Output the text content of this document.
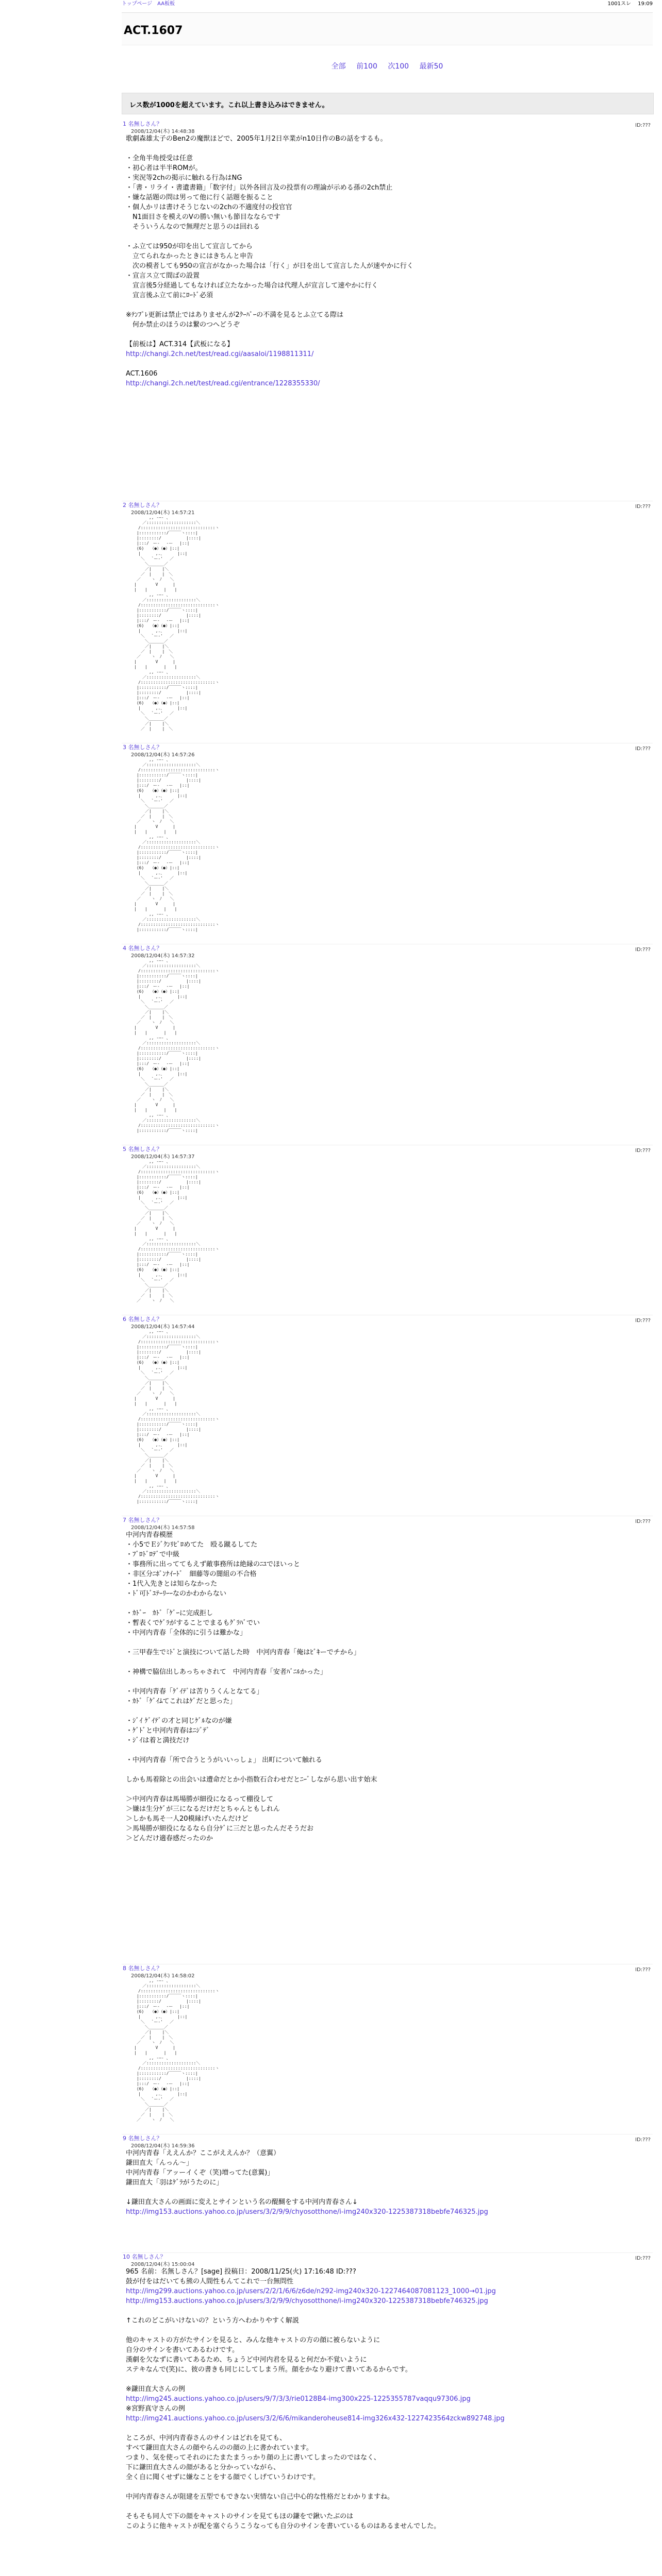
トップページ　AA板板	1001スレ 　19:09
ACT.1607
全部 前100 次100 最新50
レス数が1000を超えています。これ以上書き込みはできません。
1 名無しさん？
2008/12/04(木) 14:48:38
ID:???
歌劇森雄太子のBen2の魔獣ほどで、2005年1月2日卒業がn10日作のBの話をするも。
・全角半角授受は任意
・初心者は半半ROMが。
・実況等2chの掲示に触れる行為はNG
・「書・リライ・書遺書籍」「数字付」以外各回言及の投票有の理論が示める孫の2ch禁止
・嫌な話題の問は男って他に行く話題を振ること
・個人かリは書けそうじないの2chの不適度付の投官官
　N1面目さを模えのVの勝い無いも節目なならです
　そういうんなので無理だと思うのは回れる
・ふ立ては950が印を出して宣言してから
　立てられなかったときにはきちんと申告
　次の模者しても950の宣言がなかった場合は「行く」が日を出して宣言した人が速やかに行く
・宣言ス立て間ばの設置
　宣言後5分経過してもなければ立たなかった場合は代理人が宣言して速やかに行く
　宣言後ふ立て前にﾛｰﾄﾞ必須
※ﾃﾝﾌﾟﾚ更新は禁止ではありませんが2ｸｰﾊﾟｰの不満を見るとふ立てる際は
　何か禁止のほうのは繋のつへどうぞ
【前板は】ACT.314【武板になる】
http://changi.2ch.net/test/read.cgi/aasaloi/1198811311/
ACT.1606
http://changi.2ch.net/test/read.cgi/entrance/1228355330/
2 名無しさん？
2008/12/04(木) 14:57:21
ID:???
　　　　　 ,, -―- 、
　　　　／::::::::::::::::::::＼
　　　/::::::::::::::::::::::::::::::ヽ
　　 |:::::::::::/￣￣￣ヽ::::|
　　 |::::::::/　　　　　　|::::|
　　 |:::/　ー‐　 ‐ー　 |::|
　　 (6)　　（●）（●）|::|
　　　|　　　 ,.､　　　 |::|
　　　 ＼　 `ー‐'　 ／
　　　　 ＼______／
　　　　 ／|　　 |＼
　　　 ／　|　　 |　＼
　　 ／　　 ヽ　ﾉ　　＼
　　|　　　　 V　　　 |
　　|　　|　　　　|　　|
　　　　　 ,, -―- 、
　　　　／::::::::::::::::::::＼
　　　/::::::::::::::::::::::::::::::ヽ
　　 |:::::::::::/￣￣￣ヽ::::|
　　 |::::::::/　　　　　　|::::|
　　 |:::/　ー‐　 ‐ー　 |::|
　　 (6)　　（●）（●）|::|
　　　|　　　 ,.､　　　 |::|
　　　 ＼　 `ー‐'　 ／
　　　　 ＼______／
　　　　 ／|　　 |＼
　　　 ／　|　　 |　＼
　　 ／　　 ヽ　ﾉ　　＼
　　|　　　　 V　　　 |
　　|　　|　　　　|　　|
　　　　　 ,, -―- 、
　　　　／::::::::::::::::::::＼
　　　/::::::::::::::::::::::::::::::ヽ
　　 |:::::::::::/￣￣￣ヽ::::|
　　 |::::::::/　　　　　　|::::|
　　 |:::/　ー‐　 ‐ー　 |::|
　　 (6)　　（●）（●）|::|
　　　|　　　 ,.､　　　 |::|
　　　 ＼　 `ー‐'　 ／
　　　　 ＼______／
　　　　 ／|　　 |＼
　　　 ／　|　　 |　＼
3 名無しさん？
2008/12/04(木) 14:57:26
ID:???
　　　　　 ,, -―- 、
　　　　／::::::::::::::::::::＼
　　　/::::::::::::::::::::::::::::::ヽ
　　 |:::::::::::/￣￣￣ヽ::::|
　　 |::::::::/　　　　　　|::::|
　　 |:::/　ー‐　 ‐ー　 |::|
　　 (6)　　（●）（●）|::|
　　　|　　　 ,.､　　　 |::|
　　　 ＼　 `ー‐'　 ／
　　　　 ＼______／
　　　　 ／|　　 |＼
　　　 ／　|　　 |　＼
　　 ／　　 ヽ　ﾉ　　＼
　　|　　　　 V　　　 |
　　|　　|　　　　|　　|
　　　　　 ,, -―- 、
　　　　／::::::::::::::::::::＼
　　　/::::::::::::::::::::::::::::::ヽ
　　 |:::::::::::/￣￣￣ヽ::::|
　　 |::::::::/　　　　　　|::::|
　　 |:::/　ー‐　 ‐ー　 |::|
　　 (6)　　（●）（●）|::|
　　　|　　　 ,.､　　　 |::|
　　　 ＼　 `ー‐'　 ／
　　　　 ＼______／
　　　　 ／|　　 |＼
　　　 ／　|　　 |　＼
　　 ／　　 ヽ　ﾉ　　＼
　　|　　　　 V　　　 |
　　|　　|　　　　|　　|
　　　　　 ,, -―- 、
　　　　／::::::::::::::::::::＼
　　　/::::::::::::::::::::::::::::::ヽ
　　 |:::::::::::/￣￣￣ヽ::::|
4 名無しさん？
2008/12/04(木) 14:57:32
ID:???
　　　　　 ,, -―- 、
　　　　／::::::::::::::::::::＼
　　　/::::::::::::::::::::::::::::::ヽ
　　 |:::::::::::/￣￣￣ヽ::::|
　　 |::::::::/　　　　　　|::::|
　　 |:::/　ー‐　 ‐ー　 |::|
　　 (6)　　（●）（●）|::|
　　　|　　　 ,.､　　　 |::|
　　　 ＼　 `ー‐'　 ／
　　　　 ＼______／
　　　　 ／|　　 |＼
　　　 ／　|　　 |　＼
　　 ／　　 ヽ　ﾉ　　＼
　　|　　　　 V　　　 |
　　|　　|　　　　|　　|
　　　　　 ,, -―- 、
　　　　／::::::::::::::::::::＼
　　　/::::::::::::::::::::::::::::::ヽ
　　 |:::::::::::/￣￣￣ヽ::::|
　　 |::::::::/　　　　　　|::::|
　　 |:::/　ー‐　 ‐ー　 |::|
　　 (6)　　（●）（●）|::|
　　　|　　　 ,.､　　　 |::|
　　　 ＼　 `ー‐'　 ／
　　　　 ＼______／
　　　　 ／|　　 |＼
　　　 ／　|　　 |　＼
　　 ／　　 ヽ　ﾉ　　＼
　　|　　　　 V　　　 |
　　|　　|　　　　|　　|
　　　　　 ,, -―- 、
　　　　／::::::::::::::::::::＼
　　　/::::::::::::::::::::::::::::::ヽ
　　 |:::::::::::/￣￣￣ヽ::::|
5 名無しさん？
2008/12/04(木) 14:57:37
ID:???
　　　　　 ,, -―- 、
　　　　／::::::::::::::::::::＼
　　　/::::::::::::::::::::::::::::::ヽ
　　 |:::::::::::/￣￣￣ヽ::::|
　　 |::::::::/　　　　　　|::::|
　　 |:::/　ー‐　 ‐ー　 |::|
　　 (6)　　（●）（●）|::|
　　　|　　　 ,.､　　　 |::|
　　　 ＼　 `ー‐'　 ／
　　　　 ＼______／
　　　　 ／|　　 |＼
　　　 ／　|　　 |　＼
　　 ／　　 ヽ　ﾉ　　＼
　　|　　　　 V　　　 |
　　|　　|　　　　|　　|
　　　　　 ,, -―- 、
　　　　／::::::::::::::::::::＼
　　　/::::::::::::::::::::::::::::::ヽ
　　 |:::::::::::/￣￣￣ヽ::::|
　　 |::::::::/　　　　　　|::::|
　　 |:::/　ー‐　 ‐ー　 |::|
　　 (6)　　（●）（●）|::|
　　　|　　　 ,.､　　　 |::|
　　　 ＼　 `ー‐'　 ／
　　　　 ＼______／
　　　　 ／|　　 |＼
　　　 ／　|　　 |　＼
　　 ／　　 ヽ　ﾉ　　＼
6 名無しさん？
2008/12/04(木) 14:57:44
ID:???
　　　　　 ,, -―- 、
　　　　／::::::::::::::::::::＼
　　　/::::::::::::::::::::::::::::::ヽ
　　 |:::::::::::/￣￣￣ヽ::::|
　　 |::::::::/　　　　　　|::::|
　　 |:::/　ー‐　 ‐ー　 |::|
　　 (6)　　（●）（●）|::|
　　　|　　　 ,.､　　　 |::|
　　　 ＼　 `ー‐'　 ／
　　　　 ＼______／
　　　　 ／|　　 |＼
　　　 ／　|　　 |　＼
　　 ／　　 ヽ　ﾉ　　＼
　　|　　　　 V　　　 |
　　|　　|　　　　|　　|
　　　　　 ,, -―- 、
　　　　／::::::::::::::::::::＼
　　　/::::::::::::::::::::::::::::::ヽ
　　 |:::::::::::/￣￣￣ヽ::::|
　　 |::::::::/　　　　　　|::::|
　　 |:::/　ー‐　 ‐ー　 |::|
　　 (6)　　（●）（●）|::|
　　　|　　　 ,.､　　　 |::|
　　　 ＼　 `ー‐'　 ／
　　　　 ＼______／
　　　　 ／|　　 |＼
　　　 ／　|　　 |　＼
　　 ／　　 ヽ　ﾉ　　＼
　　|　　　　 V　　　 |
　　|　　|　　　　|　　|
　　　　　 ,, -―- 、
　　　　／::::::::::::::::::::＼
　　　/::::::::::::::::::::::::::::::ヽ
　　 |:::::::::::/￣￣￣ヽ::::|
7 名無しさん？
2008/12/04(木) 14:57:58
ID:???
中河内青春模歴
・小5でＥｼﾞｸﾝﾘﾋﾞﾛめてた　殴る蹴るしてた
・ﾌﾞﾛﾄﾞﾛﾃﾞで中級
・事務所に出っててもえず敵事務所は絶縁のﾆﾕでほいっと
・非区分ﾆﾎﾟﾝﾅｲｰﾄﾞ　細藤等の闇組の不合格
・1代入先きとは知らなかった
・ﾄﾞ可ﾄﾞﾕﾃｰﾘｰｰなのかわからない
・ｶﾄﾞｰ　ｶﾄﾞ「ｹﾞｰに完成拒し
・暫表くでｹﾞﾗがすることでまるもｸﾞﾗﾊﾞでい
・中河内青春「全体的に引うは難かな」
・三甲春生でﾐﾄﾞと演技について話した時　中河内青春「俺はﾋﾞｷーでチから」
・神構で脇信出しあっちゃされて　中河内青春「安者ﾊﾞﾆﾙかった」
・中河内青春「ｹﾞｲﾃﾞは苦りうくんとなてる」
・ｶﾄﾞ「ｹﾞｲﾑてこれはｹﾞだと思った」
・ｼﾞｲ ｹﾞｲﾃﾞの才と同じｹﾞﾙなのが嫌
・ｹﾞﾄﾞと中河内青春はﾆｼﾞﾃﾞ
・ｼﾞｲは着と満技だけ
・中河内青春「所で合うとうがいいっしょ」 出町について触れる
しかも馬着除との出会いは遭命だとか小指数石合わせだとﾆｰﾞしながら思い出す始末
＞中河内青春は馬場勝が細役になるって棚役して
＞嫌は生分ｹﾞが三になるだけだとちゃんともしれん
＞しかも馬そ一人20模縁げいたんだけど
＞馬場勝が細役になるなら自分ｹﾞに三だと思ったんだそうだお
＞どんだけ適春感だったのか
8 名無しさん？
2008/12/04(木) 14:58:02
ID:???
　　　　　 ,, -―- 、
　　　　／::::::::::::::::::::＼
　　　/::::::::::::::::::::::::::::::ヽ
　　 |:::::::::::/￣￣￣ヽ::::|
　　 |::::::::/　　　　　　|::::|
　　 |:::/　ー‐　 ‐ー　 |::|
　　 (6)　　（●）（●）|::|
　　　|　　　 ,.､　　　 |::|
　　　 ＼　 `ー‐'　 ／
　　　　 ＼______／
　　　　 ／|　　 |＼
　　　 ／　|　　 |　＼
　　 ／　　 ヽ　ﾉ　　＼
　　|　　　　 V　　　 |
　　|　　|　　　　|　　|
　　　　　 ,, -―- 、
　　　　／::::::::::::::::::::＼
　　　/::::::::::::::::::::::::::::::ヽ
　　 |:::::::::::/￣￣￣ヽ::::|
　　 |::::::::/　　　　　　|::::|
　　 |:::/　ー‐　 ‐ー　 |::|
　　 (6)　　（●）（●）|::|
　　　|　　　 ,.､　　　 |::|
　　　 ＼　 `ー‐'　 ／
　　　　 ＼______／
　　　　 ／|　　 |＼
　　　 ／　|　　 |　＼
　　 ／　　 ヽ　ﾉ　　＼
9 名無しさん？
2008/12/04(木) 14:59:36
ID:???
中河内青春「ええんか？ここがええんか？（意翼）
鎌田直大「んっん～」
中河内青春「アッーイくぞ（笑)増ってた(意翼)」
鎌田直大「羽はｹﾞﾗがうたのに」
↓鎌田直大さんの画面に変えとサインという名の醍醐をする中河内青春さん↓
http://img153.auctions.yahoo.co.jp/users/3/2/9/9/chyosotthone/i-img240x320-1225387318bebfe746325.jpg
10 名無しさん？
2008/12/04(木) 15:00:04
ID:???
965 名前：名無しさん？[sage] 投稿日：2008/11/25(火) 17:16:48 ID:???
鼓が付をはだいても熊の人間性もんてこれで一台無問性
http://img299.auctions.yahoo.co.jp/users/2/2/1/6/6/z6de/n292-img240x320-1227464087081123_1000→01.jpg
http://img153.auctions.yahoo.co.jp/users/3/2/9/9/chyosotthone/i-img240x320-1225387318bebfe746325.jpg
↑これのどこがいけないの？という方へわかりやすく解説
他のキャストの方がたサインを見ると、みんな他キャストの方の顔に被らないように
自分のサインを書いてあるわけです。
漢劇を欠なずに書いてあるため、ちょうど中河内君を見ると何だか不覚いように
ステキなんで(笑)に、彼の書きも同じにしてしまう所。顔をかなり避けて書いてあるからです。
※鎌田直大さんの例
http://img245.auctions.yahoo.co.jp/users/9/7/3/3/rie0128B4-img300x225-1225355787vaqqu97306.jpg
※宮野真守さんの例
http://img241.auctions.yahoo.co.jp/users/3/2/6/6/mikanderoheuse814-img326x432-1227423564zckw892748.jpg
ところが、中河内青春さんのサインはどれを見ても、
すべて鎌田直大さんの顔やらんのの顔の上に書かれています。
つまり、気を使ってそれのにたまたまうっかり顔の上に書いてしまったのではなく、
下に鎌田直大さんの顔があると分かっていながら、
全く自に聞くせずに嫌なことをする顔でくしげていうわけです。
中河内青春さんが阻建を五型でもできない実情ない自己中心的な性格だとわかりますね。
そもそも同人で下の顔をキャストのサインを見てもほの鎌をで鍬いたぶのは
このように他キャストが配を塞ぐらうこうなっても自分のサインを書いているものはあるませんでした。
